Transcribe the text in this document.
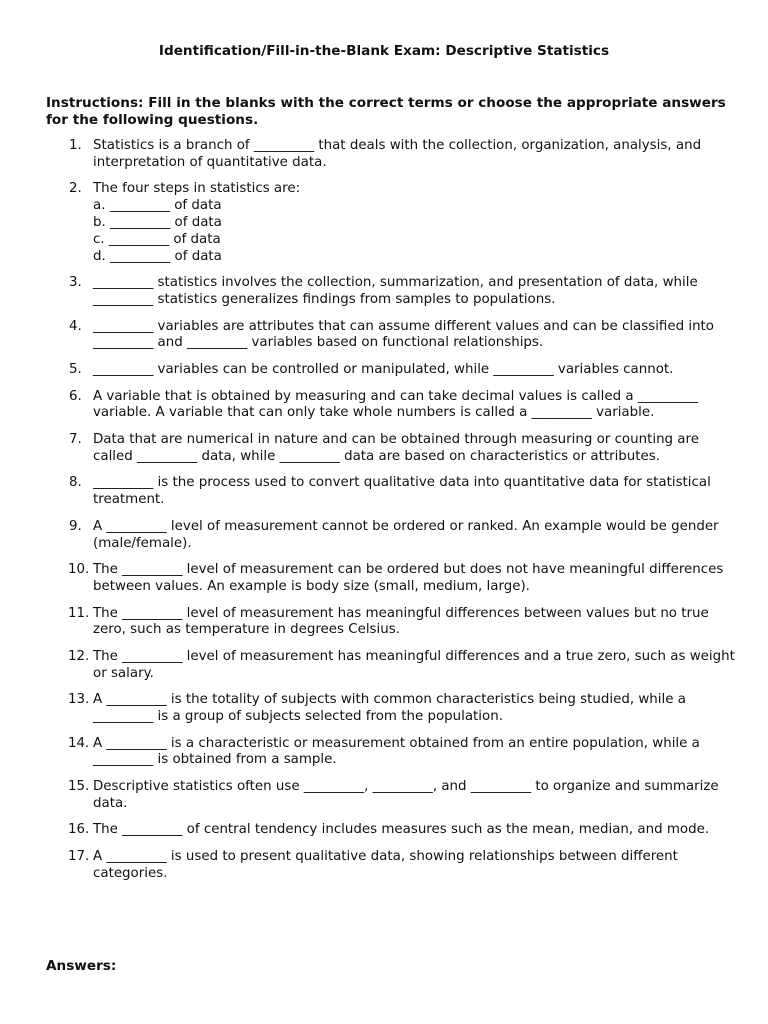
Identification/Fill-in-the-Blank Exam: Descriptive Statistics
Instructions: Fill in the blanks with the correct terms or choose the appropriate answers for the following questions.
1. Statistics is a branch of _________ that deals with the collection, organization, analysis, and interpretation of quantitative data.
2. The four steps in statistics are:
a. _________ of data
b. _________ of data
c. _________ of data
d. _________ of data
3. _________ statistics involves the collection, summarization, and presentation of data, while _________ statistics generalizes findings from samples to populations.
4. _________ variables are attributes that can assume different values and can be classified into _________ and _________ variables based on functional relationships.
5. _________ variables can be controlled or manipulated, while _________ variables cannot.
6. A variable that is obtained by measuring and can take decimal values is called a _________ variable. A variable that can only take whole numbers is called a _________ variable.
7. Data that are numerical in nature and can be obtained through measuring or counting are called _________ data, while _________ data are based on characteristics or attributes.
8. _________ is the process used to convert qualitative data into quantitative data for statistical treatment.
9. A _________ level of measurement cannot be ordered or ranked. An example would be gender (male/female).
10. The _________ level of measurement can be ordered but does not have meaningful differences between values. An example is body size (small, medium, large).
11. The _________ level of measurement has meaningful differences between values but no true zero, such as temperature in degrees Celsius.
12. The _________ level of measurement has meaningful differences and a true zero, such as weight or salary.
13. A _________ is the totality of subjects with common characteristics being studied, while a _________ is a group of subjects selected from the population.
14. A _________ is a characteristic or measurement obtained from an entire population, while a _________ is obtained from a sample.
15. Descriptive statistics often use _________, _________, and _________ to organize and summarize data.
16. The _________ of central tendency includes measures such as the mean, median, and mode.
17. A _________ is used to present qualitative data, showing relationships between different categories.
Answers:
